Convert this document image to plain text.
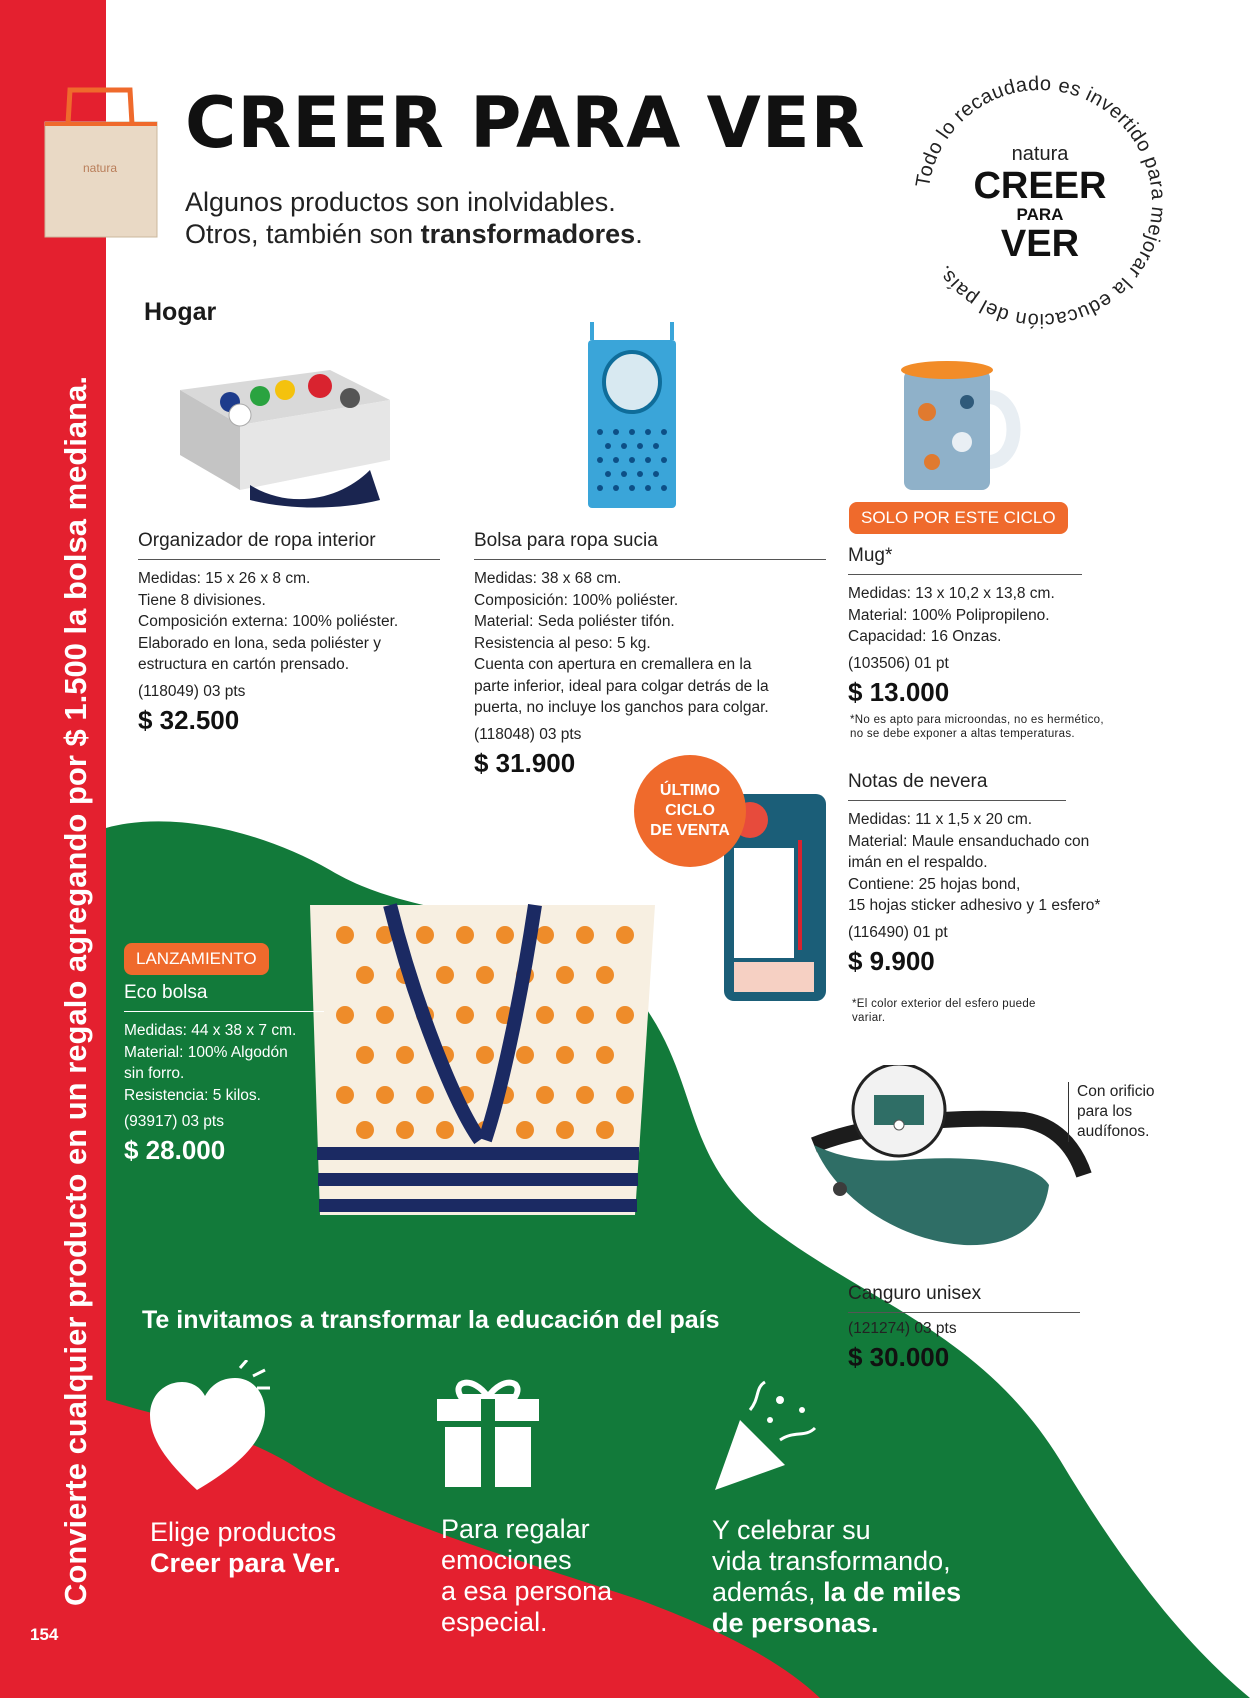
Convierte cualquier producto en un regalo agregando por $ 1.500 la bolsa mediana.
154
natura
CREER PARA VER
Algunos productos son inolvidables.
Otros, también son transformadores.
Todo lo recaudado es invertido para mejorar la educación del país.
natura
CREER
PARA
VER
Hogar
Organizador de ropa interior
Medidas: 15 x 26 x 8 cm.
Tiene 8 divisiones.
Composición externa: 100% poliéster.
Elaborado en lona, seda poliéster y
estructura en cartón prensado.
(118049) 03 pts
$ 32.500
Bolsa para ropa sucia
Medidas: 38 x 68 cm.
Composición: 100% poliéster.
Material: Seda poliéster tifón.
Resistencia al peso: 5 kg.
Cuenta con apertura en cremallera en la
parte inferior, ideal para colgar detrás de la
puerta, no incluye los ganchos para colgar.
(118048) 03 pts
$ 31.900
SOLO POR ESTE CICLO
Mug*
Medidas: 13 x 10,2 x 13,8 cm.
Material: 100% Polipropileno.
Capacidad: 16 Onzas.
(103506) 01 pt
$ 13.000
*No es apto para microondas, no es hermético,
no se debe exponer a altas temperaturas.
ÚLTIMO
CICLO
DE VENTA
Notas de nevera
Medidas: 11 x 1,5 x 20 cm.
Material: Maule ensanduchado con
imán en el respaldo.
Contiene: 25 hojas bond,
15 hojas sticker adhesivo y 1 esfero*
(116490) 01 pt
$ 9.900
*El color exterior del esfero puede
variar.
LANZAMIENTO
Eco bolsa
Medidas: 44 x 38 x 7 cm.
Material: 100% Algodón
sin forro.
Resistencia: 5 kilos.
(93917) 03 pts
$ 28.000
Con orificio
para los
audífonos.
Canguro unisex
(121274) 03 pts
$ 30.000
Te invitamos a transformar la educación del país
Elige productos
Creer para Ver.
Para regalar
emociones
a esa persona
especial.
Y celebrar su
vida transformando,
además, la de miles
de personas.
